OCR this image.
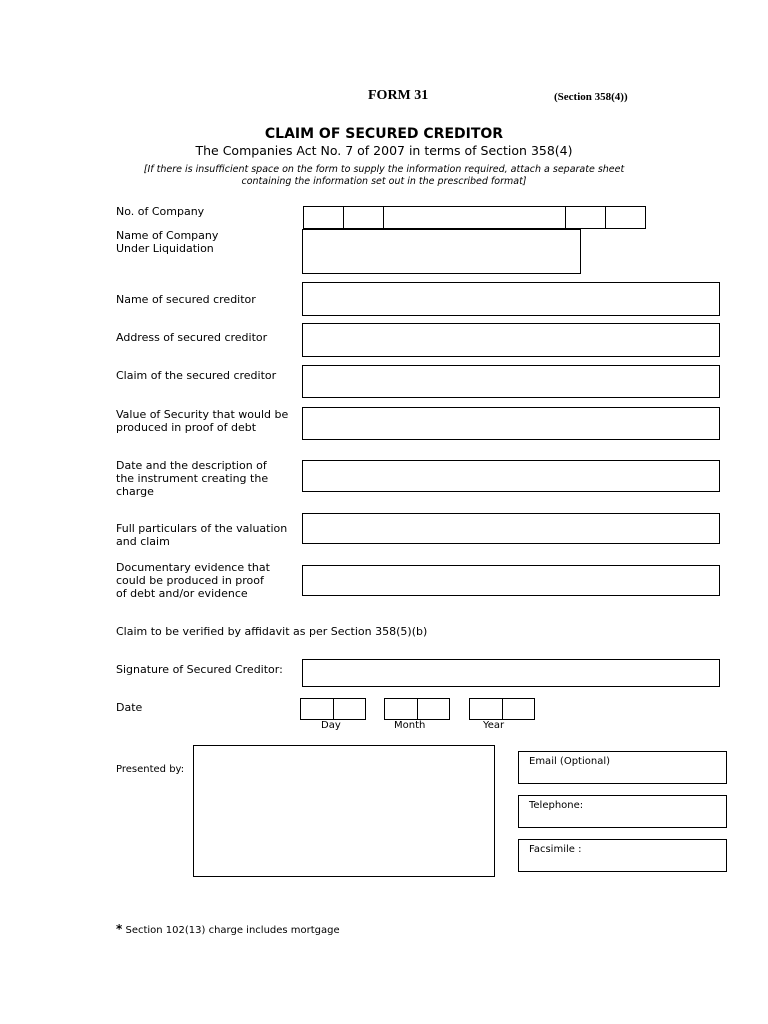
FORM 31	(Section 358(4))
CLAIM OF SECURED CREDITOR
The Companies Act No. 7 of 2007 in terms of Section 358(4)
[If there is insufficient space on the form to supply the information required, attach a separate sheet
containing the information set out in the prescribed format]
No. of Company
Name of Company
Under Liquidation
Name of secured creditor
Address of secured creditor
Claim of the secured creditor
Value of Security that would be
produced in proof of debt
Date and the description of
the instrument creating the
charge
Full particulars of the valuation
and claim
Documentary evidence that
could be produced in proof
of debt and/or evidence
Claim to be verified by affidavit as per Section 358(5)(b)
Signature of Secured Creditor:
Date
Day	Month	Year
Presented by:
Email (Optional)
Telephone:
Facsimile :
* Section 102(13) charge includes mortgage
